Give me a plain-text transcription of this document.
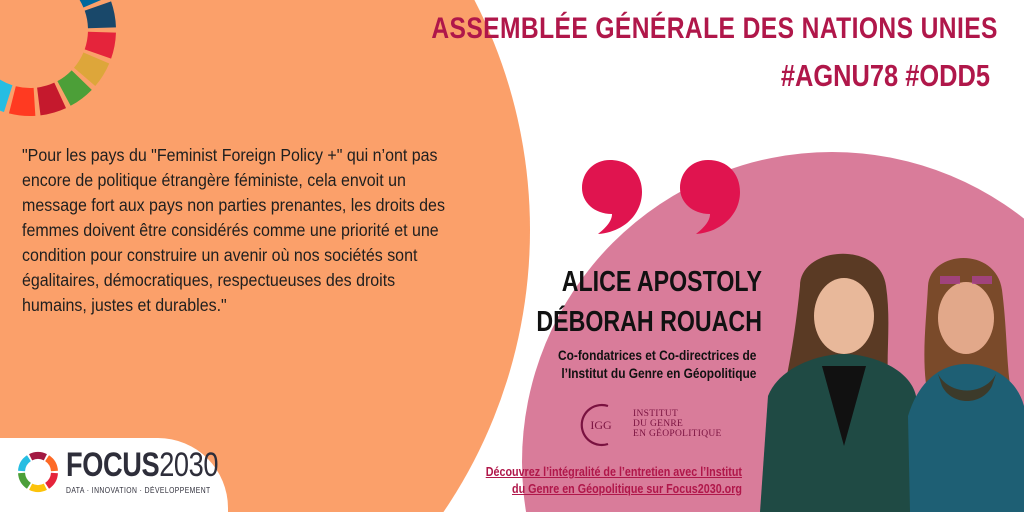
ASSEMBLÉE GÉNÉRALE DES NATIONS UNIES
#AGNU78 #ODD5
"Pour les pays du "Feminist Foreign Policy +" qui n’ont pas encore de politique étrangère féministe, cela envoit un message fort aux pays non parties prenantes, les droits des femmes doivent être considérés comme une priorité et une condition pour construire un avenir où nos sociétés sont égalitaires, démocratiques, respectueuses des droits humains, justes et durables."
ALICE APOSTOLY
DÉBORAH ROUACH
Co-fondatrices et Co-directrices de
l’Institut du Genre en Géopolitique
IGG
INSTITUT
DU GENRE
EN GÉOPOLITIQUE
Découvrez l’intégralité de l’entretien avec l’Institut
du Genre en Géopolitique sur Focus2030.org
FOCUS2030
DATA · INNOVATION · DÉVELOPPEMENT
